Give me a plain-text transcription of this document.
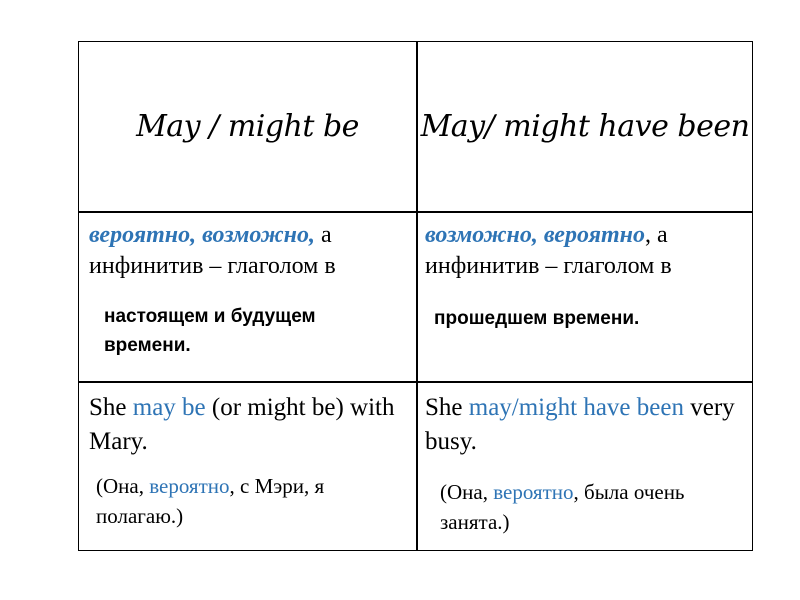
May / might be	May/ might have been
вероятно, возможно, а инфинитив – глаголом в
настоящем и будущем времени.
возможно, вероятно, а инфинитив – глаголом в
прошедшем времени.
She may be (or might be) with Mary.
(Она, вероятно, с Мэри, я полагаю.)
She may/might have been very busy.
(Она, вероятно, была очень занята.)
